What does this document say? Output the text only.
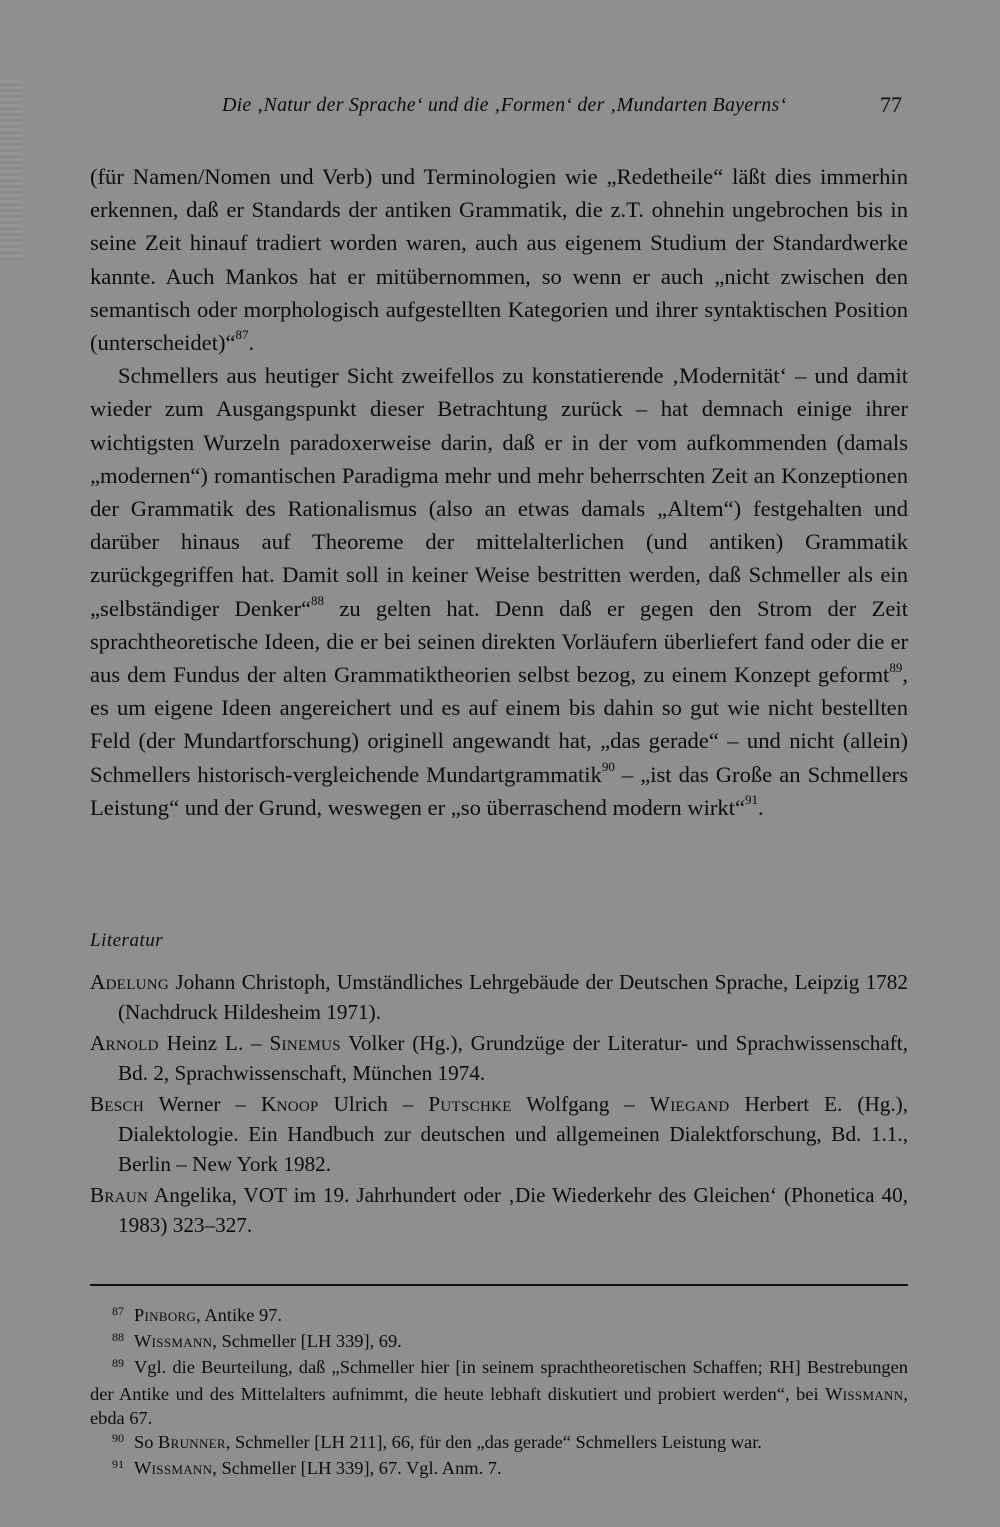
Die ‚Natur der Sprache‘ und die ‚Formen‘ der ‚Mundarten Bayerns‘	77

(für Namen/Nomen und Verb) und Terminologien wie „Redetheile“ läßt dies immerhin erkennen, daß er Standards der antiken Grammatik, die z.T. ohnehin ungebrochen bis in seine Zeit hinauf tradiert worden waren, auch aus eigenem Studium der Standardwerke kannte. Auch Mankos hat er mitübernommen, so wenn er auch „nicht zwischen den semantisch oder morphologisch aufgestellten Kategorien und ihrer syntaktischen Position (unterscheidet)“$^{87}$.

Schmellers aus heutiger Sicht zweifellos zu konstatierende ‚Modernität‘ – und damit wieder zum Ausgangspunkt dieser Betrachtung zurück – hat demnach einige ihrer wichtigsten Wurzeln paradoxerweise darin, daß er in der vom aufkommenden (damals „modernen“) romantischen Paradigma mehr und mehr beherrschten Zeit an Konzeptionen der Grammatik des Rationalismus (also an etwas damals „Altem“) festgehalten und darüber hinaus auf Theoreme der mittelalterlichen (und antiken) Grammatik zurückgegriffen hat. Damit soll in keiner Weise bestritten werden, daß Schmeller als ein „selbständiger Denker“$^{88}$ zu gelten hat. Denn daß er gegen den Strom der Zeit sprachtheoretische Ideen, die er bei seinen direkten Vorläufern überliefert fand oder die er aus dem Fundus der alten Grammatiktheorien selbst bezog, zu einem Konzept geformt$^{89}$, es um eigene Ideen angereichert und es auf einem bis dahin so gut wie nicht bestellten Feld (der Mundartforschung) originell angewandt hat, „das gerade“ – und nicht (allein) Schmellers historisch-vergleichende Mundartgrammatik$^{90}$ – „ist das Große an Schmellers Leistung“ und der Grund, weswegen er „so überraschend modern wirkt“$^{91}$.

Literatur

Adelung Johann Christoph, Umständliches Lehrgebäude der Deutschen Sprache, Leipzig 1782 (Nachdruck Hildesheim 1971).

Arnold Heinz L. – Sinemus Volker (Hg.), Grundzüge der Literatur- und Sprachwissenschaft, Bd. 2, Sprachwissenschaft, München 1974.

Besch Werner – Knoop Ulrich – Putschke Wolfgang – Wiegand Herbert E. (Hg.), Dialektologie. Ein Handbuch zur deutschen und allgemeinen Dialektforschung, Bd. 1.1., Berlin – New York 1982.

Braun Angelika, VOT im 19. Jahrhundert oder ‚Die Wiederkehr des Gleichen‘ (Phonetica 40, 1983) 323–327.

$^{87}$ Pinborg, Antike 97.

$^{88}$ Wissmann, Schmeller [LH 339], 69.

$^{89}$ Vgl. die Beurteilung, daß „Schmeller hier [in seinem sprachtheoretischen Schaffen; RH] Bestrebungen der Antike und des Mittelalters aufnimmt, die heute lebhaft diskutiert und probiert werden“, bei Wissmann, ebda 67.

$^{90}$ So Brunner, Schmeller [LH 211], 66, für den „das gerade“ Schmellers Leistung war.

$^{91}$ Wissmann, Schmeller [LH 339], 67. Vgl. Anm. 7.
